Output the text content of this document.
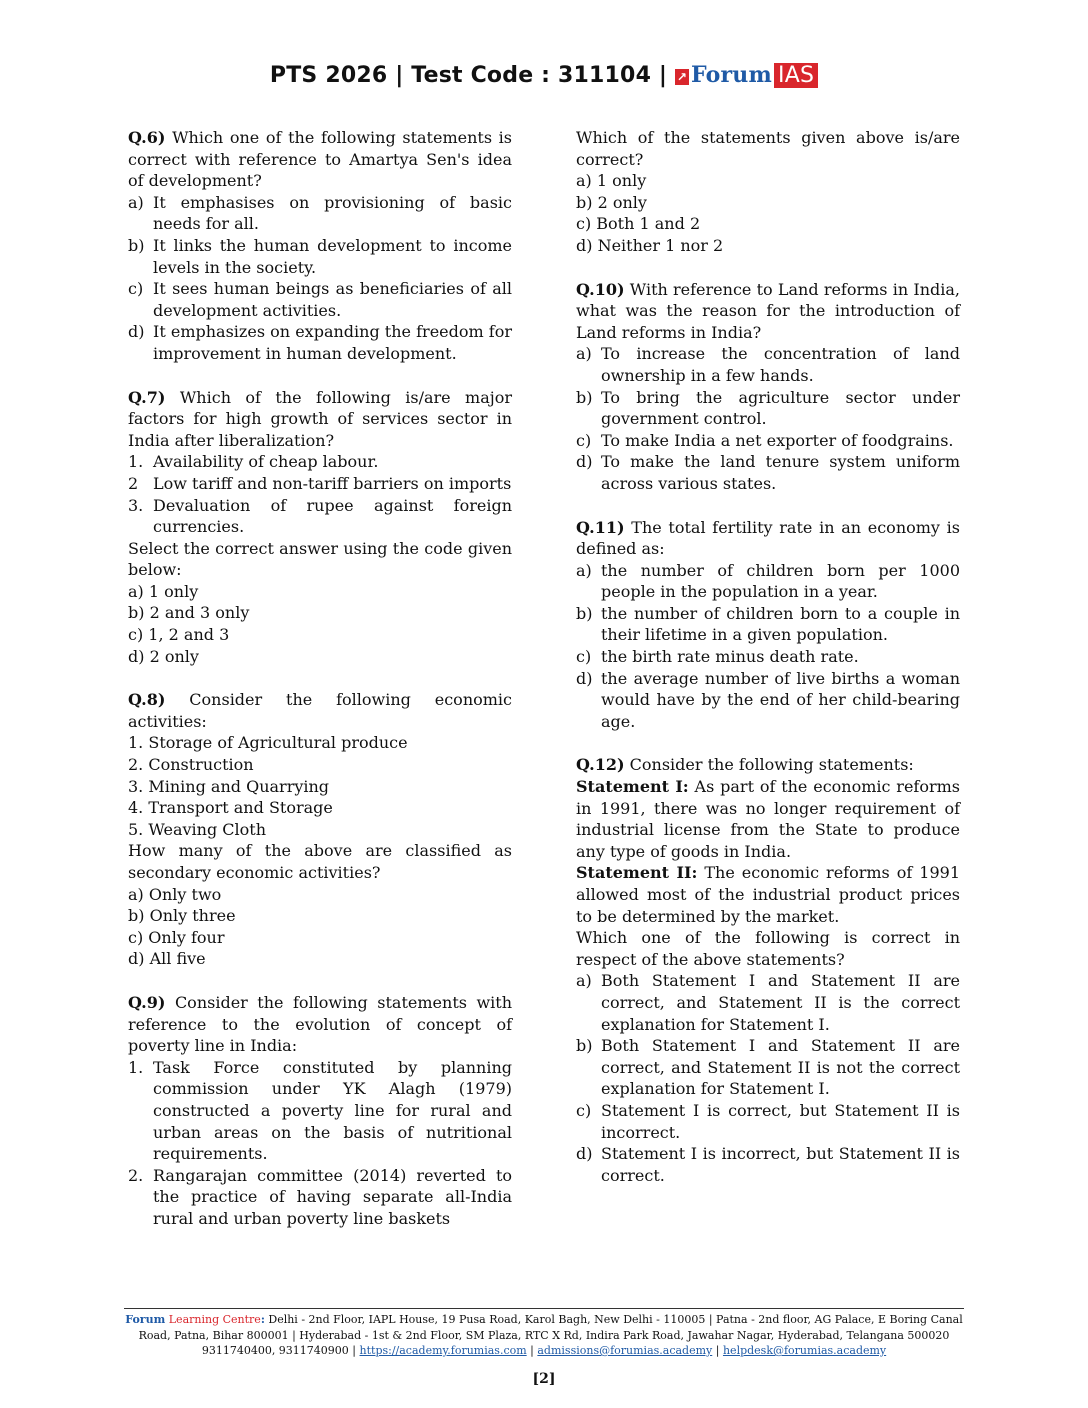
PTS 2026 | Test Code : 311104 | ↗ Forum IAS

Q.6) Which one of the following statements is correct with reference to Amartya Sen's idea of development?

a) It emphasises on provisioning of basic needs for all.
b) It links the human development to income levels in the society.
c) It sees human beings as beneficiaries of all development activities.
d) It emphasizes on expanding the freedom for improvement in human development.

Q.7) Which of the following is/are major factors for high growth of services sector in India after liberalization?

1. Availability of cheap labour.
2 Low tariff and non-tariff barriers on imports
3. Devaluation of rupee against foreign currencies.

Select the correct answer using the code given below:

a) 1 only

b) 2 and 3 only

c) 1, 2 and 3

d) 2 only

Q.8) Consider the following economic activities:

1. Storage of Agricultural produce

2. Construction

3. Mining and Quarrying

4. Transport and Storage

5. Weaving Cloth

How many of the above are classified as secondary economic activities?

a) Only two

b) Only three

c) Only four

d) All five

Q.9) Consider the following statements with reference to the evolution of concept of poverty line in India:

1. Task Force constituted by planning commission under YK Alagh (1979) constructed a poverty line for rural and urban areas on the basis of nutritional requirements.
2. Rangarajan committee (2014) reverted to the practice of having separate all-India rural and urban poverty line baskets

Which of the statements given above is/are correct?

a) 1 only

b) 2 only

c) Both 1 and 2

d) Neither 1 nor 2

Q.10) With reference to Land reforms in India, what was the reason for the introduction of Land reforms in India?

a) To increase the concentration of land ownership in a few hands.
b) To bring the agriculture sector under government control.
c) To make India a net exporter of foodgrains.
d) To make the land tenure system uniform across various states.

Q.11) The total fertility rate in an economy is defined as:

a) the number of children born per 1000 people in the population in a year.
b) the number of children born to a couple in their lifetime in a given population.
c) the birth rate minus death rate.
d) the average number of live births a woman would have by the end of her child-bearing age.

Q.12) Consider the following statements:

Statement I: As part of the economic reforms in 1991, there was no longer requirement of industrial license from the State to produce any type of goods in India.

Statement II: The economic reforms of 1991 allowed most of the industrial product prices to be determined by the market.

Which one of the following is correct in respect of the above statements?

a) Both Statement I and Statement II are correct, and Statement II is the correct explanation for Statement I.
b) Both Statement I and Statement II are correct, and Statement II is not the correct explanation for Statement I.
c) Statement I is correct, but Statement II is incorrect.
d) Statement I is incorrect, but Statement II is correct.
Forum Learning Centre: Delhi - 2nd Floor, IAPL House, 19 Pusa Road, Karol Bagh, New Delhi - 110005 | Patna - 2nd floor, AG Palace, E Boring Canal
Road, Patna, Bihar 800001 | Hyderabad - 1st & 2nd Floor, SM Plaza, RTC X Rd, Indira Park Road, Jawahar Nagar, Hyderabad, Telangana 500020
9311740400, 9311740900 | https://academy.forumias.com | admissions@forumias.academy | helpdesk@forumias.academy
[2]
